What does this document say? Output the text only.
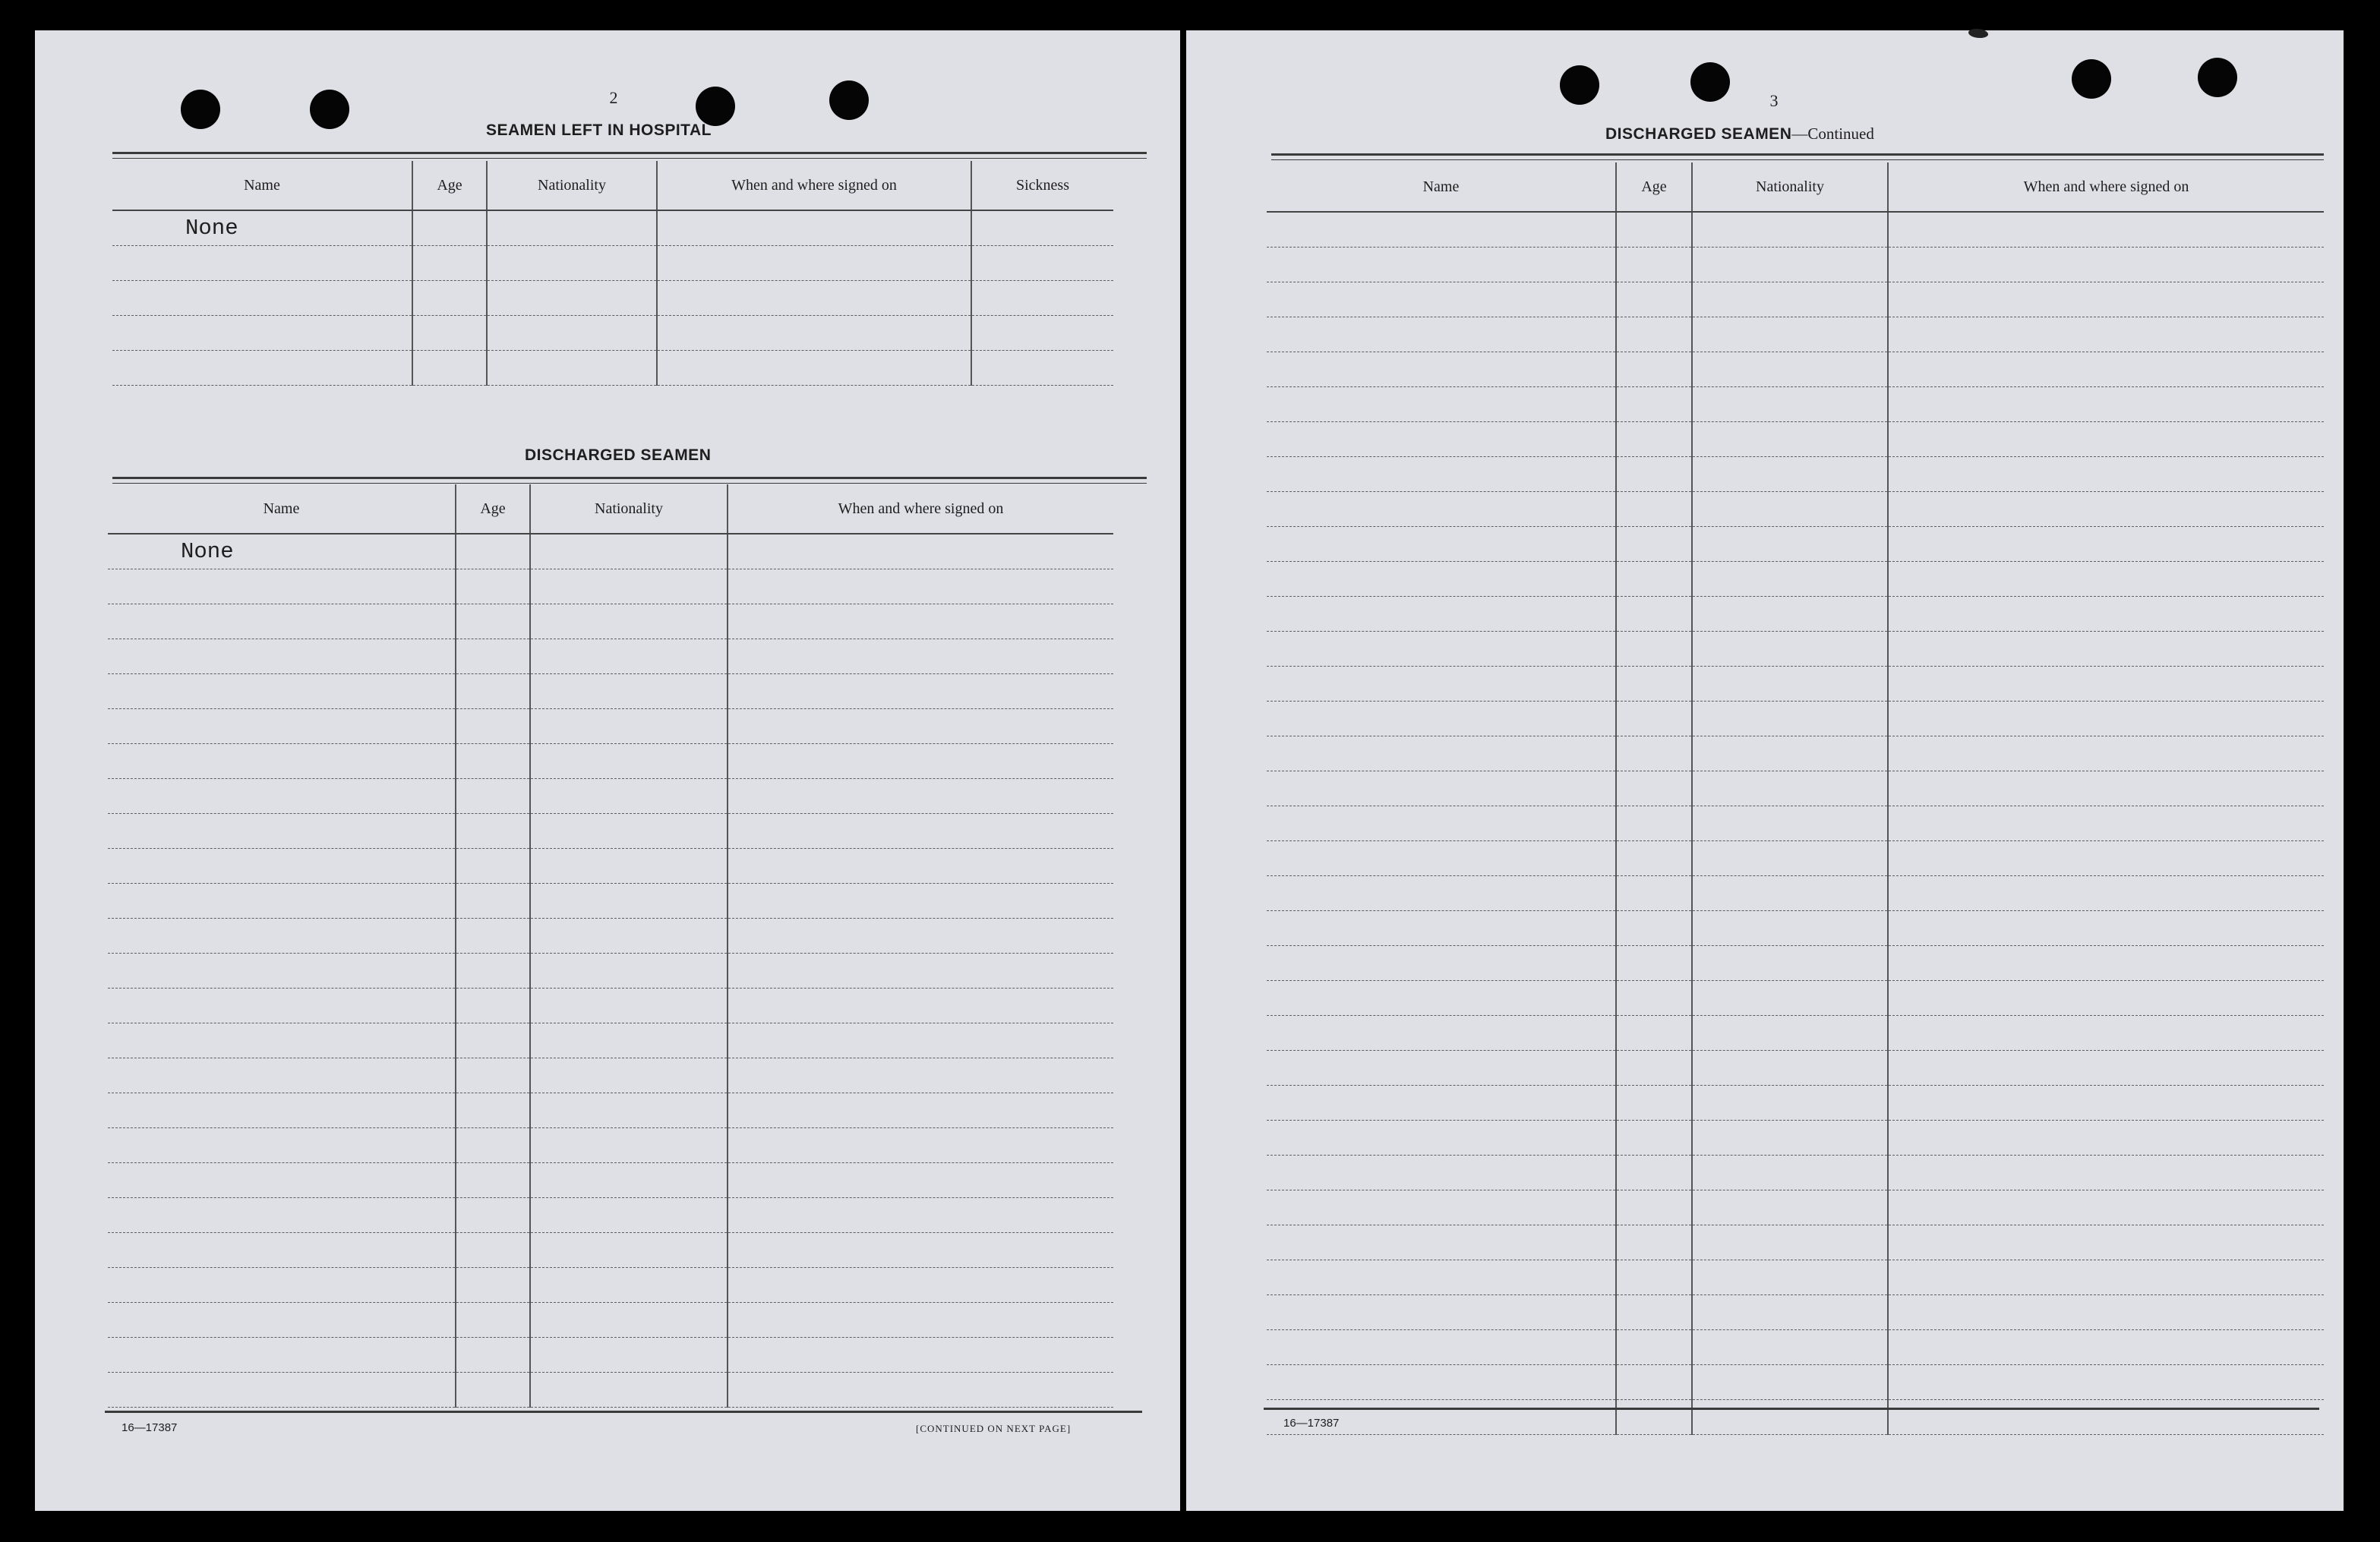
2
SEAMEN LEFT IN HOSPITAL
Name	Age	Nationality	When and where signed on	Sickness
None				

DISCHARGED SEAMEN
Name	Age	Nationality	When and where signed on
None			

16—17387	[CONTINUED ON NEXT PAGE]
3
DISCHARGED SEAMEN—Continued
Name	Age	Nationality	When and where signed on

16—17387
